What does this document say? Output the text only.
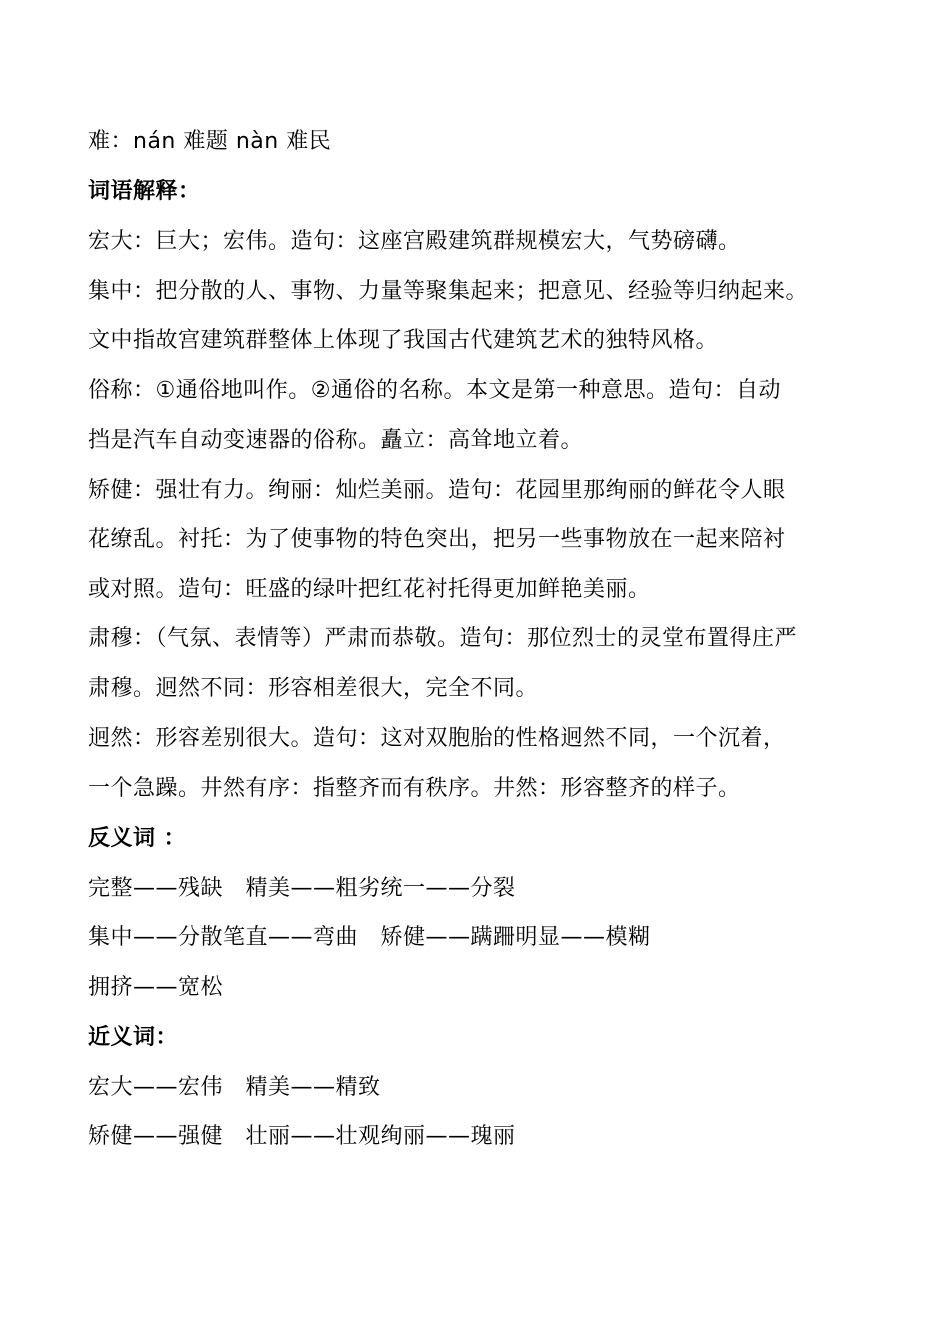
难：nán 难题 nàn 难民
词语解释：
宏大：巨大；宏伟。造句：这座宫殿建筑群规模宏大，气势磅礴。
集中：把分散的人、事物、力量等聚集起来；把意见、经验等归纳起来。
文中指故宫建筑群整体上体现了我国古代建筑艺术的独特风格。
俗称：①通俗地叫作。②通俗的名称。本文是第一种意思。造句：自动
挡是汽车自动变速器的俗称。矗立：高耸地立着。
矫健：强壮有力。绚丽：灿烂美丽。造句：花园里那绚丽的鲜花令人眼
花缭乱。衬托：为了使事物的特色突出，把另一些事物放在一起来陪衬
或对照。造句：旺盛的绿叶把红花衬托得更加鲜艳美丽。
肃穆：（气氛、表情等）严肃而恭敬。造句：那位烈士的灵堂布置得庄严
肃穆。迥然不同：形容相差很大，完全不同。
迥然：形容差别很大。造句：这对双胞胎的性格迥然不同，一个沉着，
一个急躁。井然有序：指整齐而有秩序。井然：形容整齐的样子。
反义词 ：
完整——残缺　精美——粗劣统一——分裂
集中——分散笔直——弯曲　矫健——蹒跚明显——模糊
拥挤——宽松
近义词：
宏大——宏伟　精美——精致
矫健——强健　壮丽——壮观绚丽——瑰丽
